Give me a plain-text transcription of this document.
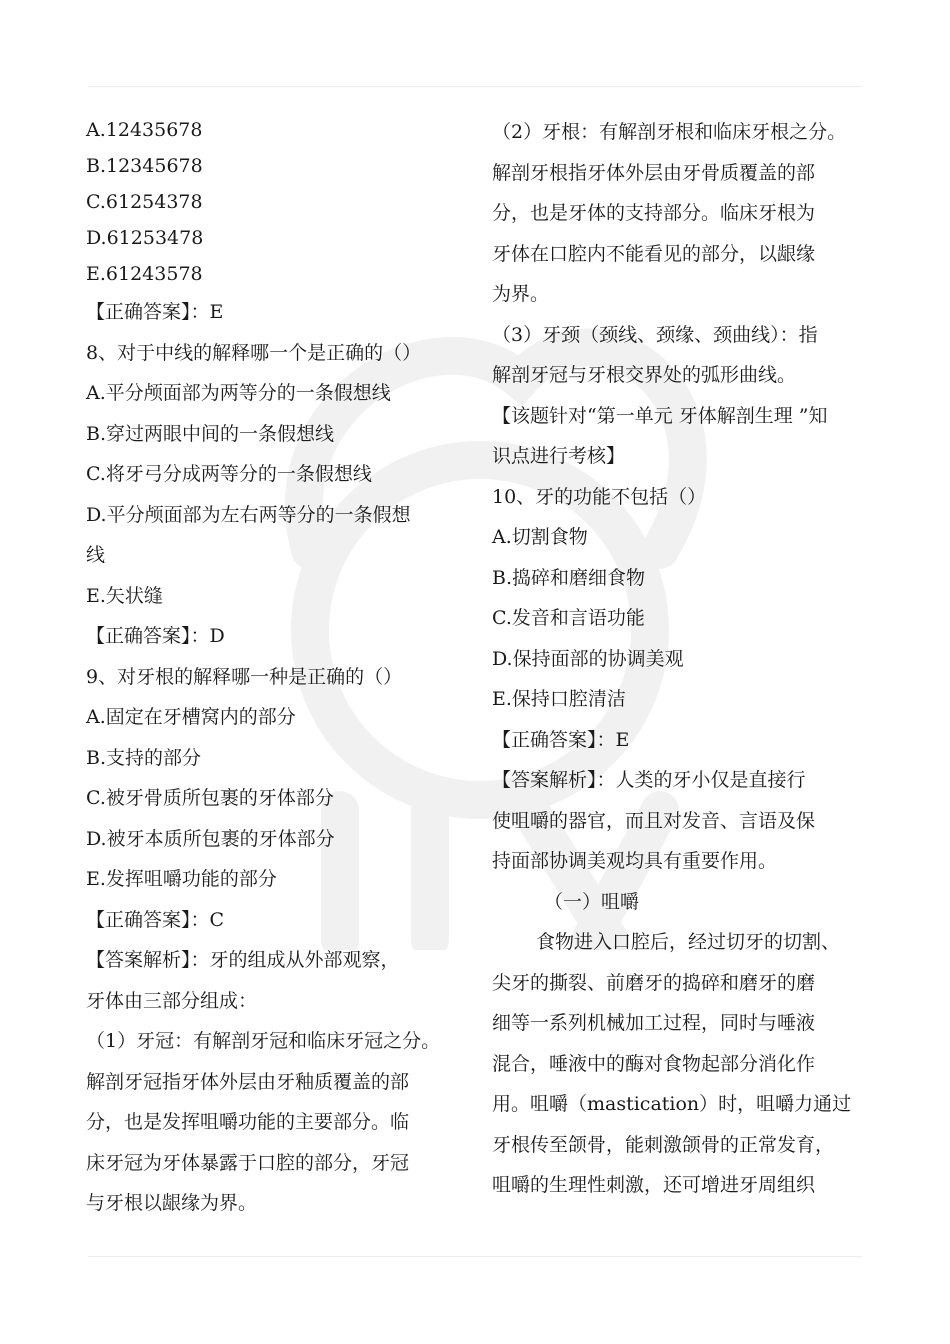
A.12435678
B.12345678
C.61254378
D.61253478
E.61243578
【正确答案】：E
8、对于中线的解释哪一个是正确的（）
A.平分颅面部为两等分的一条假想线
B.穿过两眼中间的一条假想线
C.将牙弓分成两等分的一条假想线
D.平分颅面部为左右两等分的一条假想
线
E.矢状缝
【正确答案】：D
9、对牙根的解释哪一种是正确的（）
A.固定在牙槽窝内的部分
B.支持的部分
C.被牙骨质所包裹的牙体部分
D.被牙本质所包裹的牙体部分
E.发挥咀嚼功能的部分
【正确答案】：C
【答案解析】：牙的组成从外部观察，
牙体由三部分组成：
（1）牙冠：有解剖牙冠和临床牙冠之分。
解剖牙冠指牙体外层由牙釉质覆盖的部
分，也是发挥咀嚼功能的主要部分。临
床牙冠为牙体暴露于口腔的部分，牙冠
与牙根以龈缘为界。
（2）牙根：有解剖牙根和临床牙根之分。
解剖牙根指牙体外层由牙骨质覆盖的部
分，也是牙体的支持部分。临床牙根为
牙体在口腔内不能看见的部分，以龈缘
为界。
（3）牙颈（颈线、颈缘、颈曲线）：指
解剖牙冠与牙根交界处的弧形曲线。
【该题针对“第一单元 牙体解剖生理 ”知
识点进行考核】
10、牙的功能不包括（）
A.切割食物
B.捣碎和磨细食物
C.发音和言语功能
D.保持面部的协调美观
E.保持口腔清洁
【正确答案】：E
【答案解析】：人类的牙小仅是直接行
使咀嚼的器官，而且对发音、言语及保
持面部协调美观均具有重要作用。
（一）咀嚼
食物进入口腔后，经过切牙的切割、
尖牙的撕裂、前磨牙的捣碎和磨牙的磨
细等一系列机械加工过程，同时与唾液
混合，唾液中的酶对食物起部分消化作
用。咀嚼（mastication）时，咀嚼力通过
牙根传至颌骨，能刺激颌骨的正常发育，
咀嚼的生理性刺激，还可增进牙周组织
